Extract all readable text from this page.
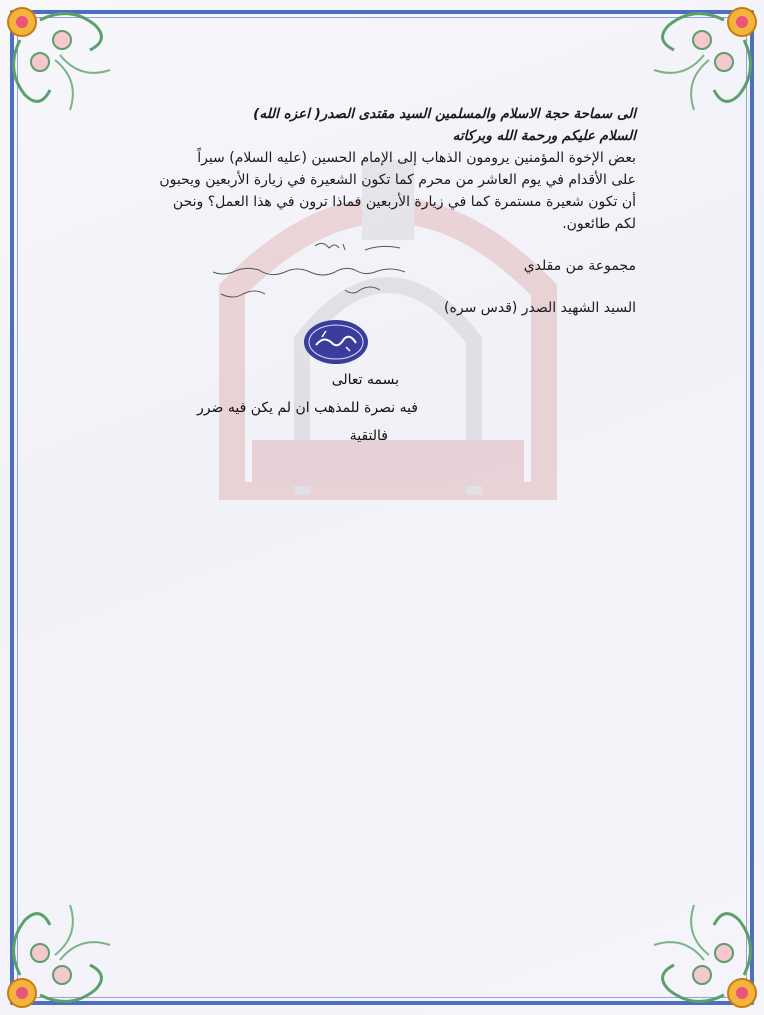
الى سماحة حجة الاسلام والمسلمين السيد مقتدى الصدر( اعزه الله)
السلام عليكم ورحمة الله وبركاته
بعض الإخوة المؤمنين يرومون الذهاب إلى الإمام الحسين (عليه السلام) سيراً
على الأقدام في يوم العاشر من محرم كما تكون الشعيرة في زيارة الأربعين ويحبون
أن تكون شعيرة مستمرة كما في زيارة الأربعين فماذا ترون في هذا العمل؟ ونحن
لكم طائعون.
مجموعة من مقلدي
السيد الشهيد الصدر (قدس سره)
بسمه تعالى
فيه نصرة للمذهب ان لم يكن فيه ضرر
فالتقية
